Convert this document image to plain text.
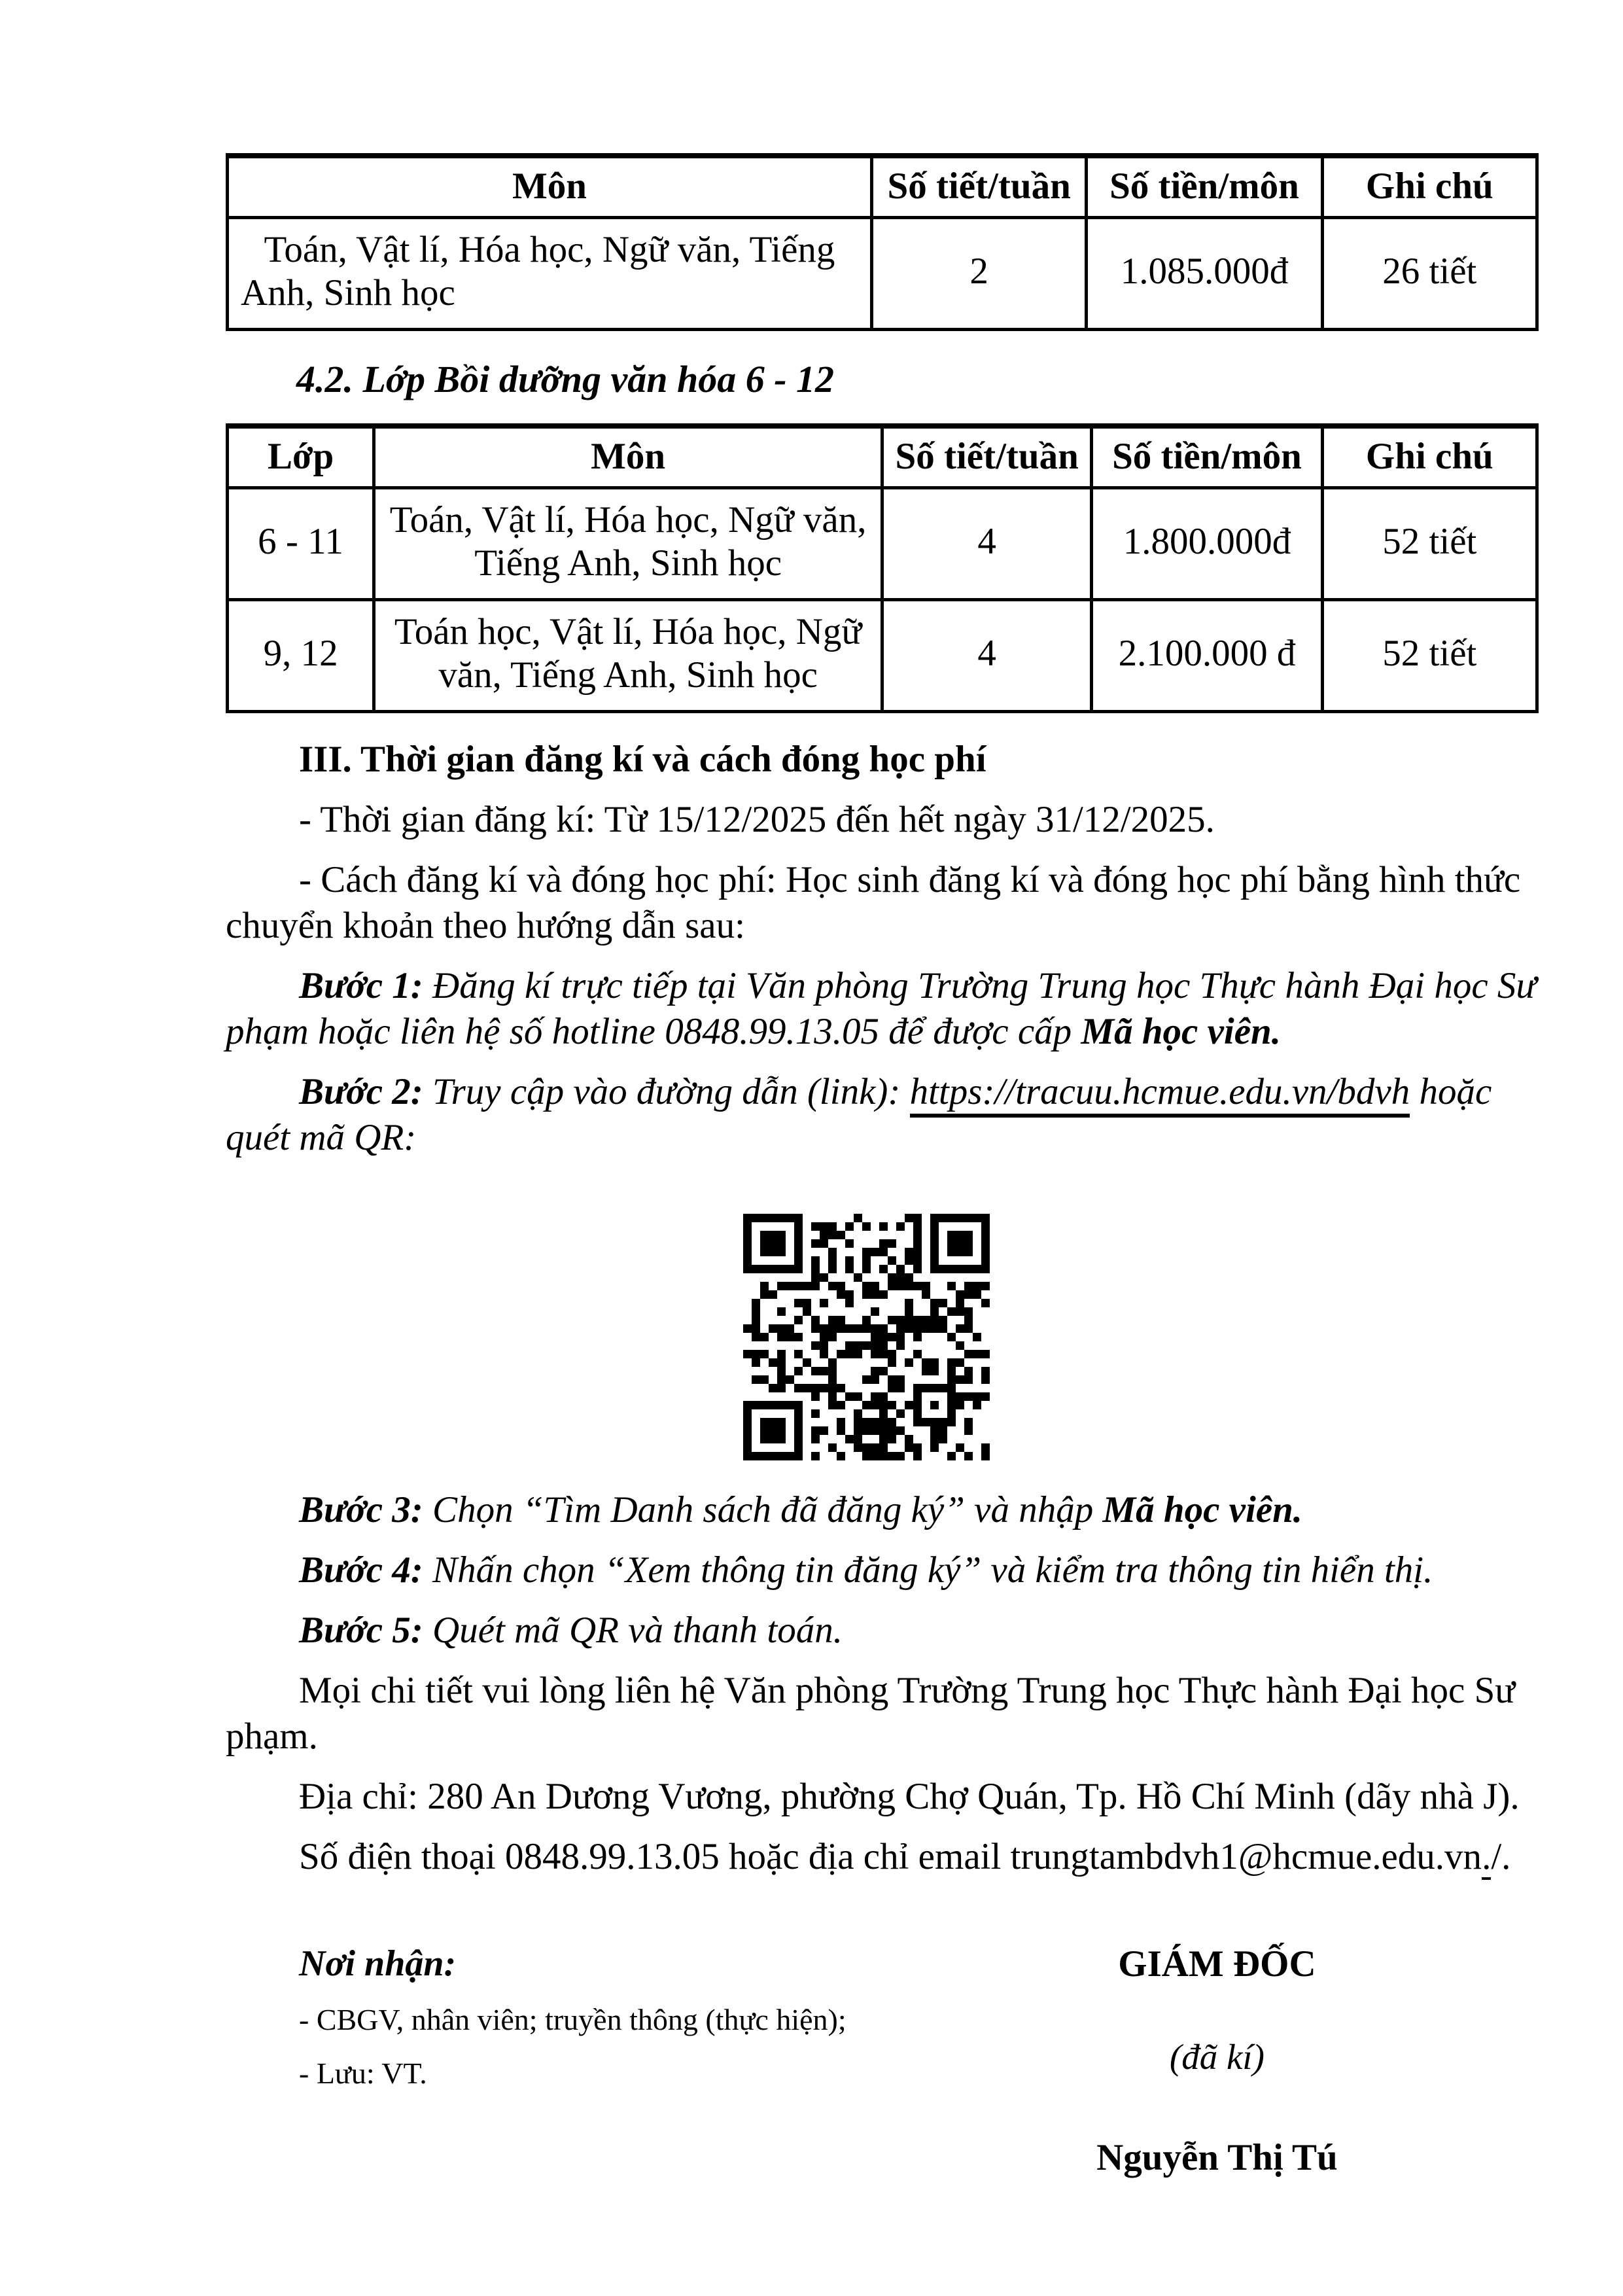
Môn	Số tiết/tuần	Số tiền/môn	Ghi chú
Toán, Vật lí, Hóa học, Ngữ văn, Tiếng Anh, Sinh học	2	1.085.000đ	26 tiết
4.2. Lớp Bồi dưỡng văn hóa 6 - 12
Lớp	Môn	Số tiết/tuần	Số tiền/môn	Ghi chú
6 - 11	Toán, Vật lí, Hóa học, Ngữ văn, Tiếng Anh, Sinh học	4	1.800.000đ	52 tiết
9, 12	Toán học, Vật lí, Hóa học, Ngữ văn, Tiếng Anh, Sinh học	4	2.100.000 đ	52 tiết
III. Thời gian đăng kí và cách đóng học phí

- Thời gian đăng kí: Từ 15/12/2025 đến hết ngày 31/12/2025.

- Cách đăng kí và đóng học phí: Học sinh đăng kí và đóng học phí bằng hình thức chuyển khoản theo hướng dẫn sau:

Bước 1: Đăng kí trực tiếp tại Văn phòng Trường Trung học Thực hành Đại học Sư phạm hoặc liên hệ số hotline 0848.99.13.05 để được cấp Mã học viên.

Bước 2: Truy cập vào đường dẫn (link): https://tracuu.hcmue.edu.vn/bdvh hoặc quét mã QR:

Bước 3: Chọn “Tìm Danh sách đã đăng ký” và nhập Mã học viên.

Bước 4: Nhấn chọn “Xem thông tin đăng ký” và kiểm tra thông tin hiển thị.

Bước 5: Quét mã QR và thanh toán.

Mọi chi tiết vui lòng liên hệ Văn phòng Trường Trung học Thực hành Đại học Sư phạm.

Địa chỉ: 280 An Dương Vương, phường Chợ Quán, Tp. Hồ Chí Minh (dãy nhà J).

Số điện thoại 0848.99.13.05 hoặc địa chỉ email trungtambdvh1@hcmue.edu.vn./.

Nơi nhận:
- CBGV, nhân viên; truyền thông (thực hiện);
- Lưu: VT.
GIÁM ĐỐC
(đã kí)
Nguyễn Thị Tú
